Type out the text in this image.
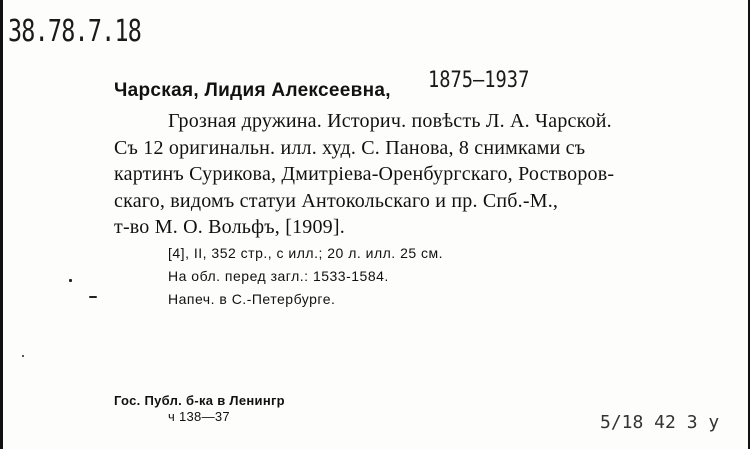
38.78.7.18
Чарская, Лидия Алексеевна, 1875–1937
Грозная дружина. Историч. повѣсть Л. А. Чарской.
Съ 12 оригинальн. илл. худ. С. Панова, 8 снимками съ
картинъ Сурикова, Дмитріева-Оренбургскаго, Ростворов-
скаго, видомъ статуи Антокольскаго и пр. Спб.-М.,
т-во М. О. Вольфъ, [1909].
[4], II, 352 стр., с илл.; 20 л. илл. 25 см.
На обл. перед загл.: 1533-1584.
Напеч. в С.-Петербурге.
Гос. Публ. б-ка в Ленингр
ч 138—37	5/18 42 3 у
